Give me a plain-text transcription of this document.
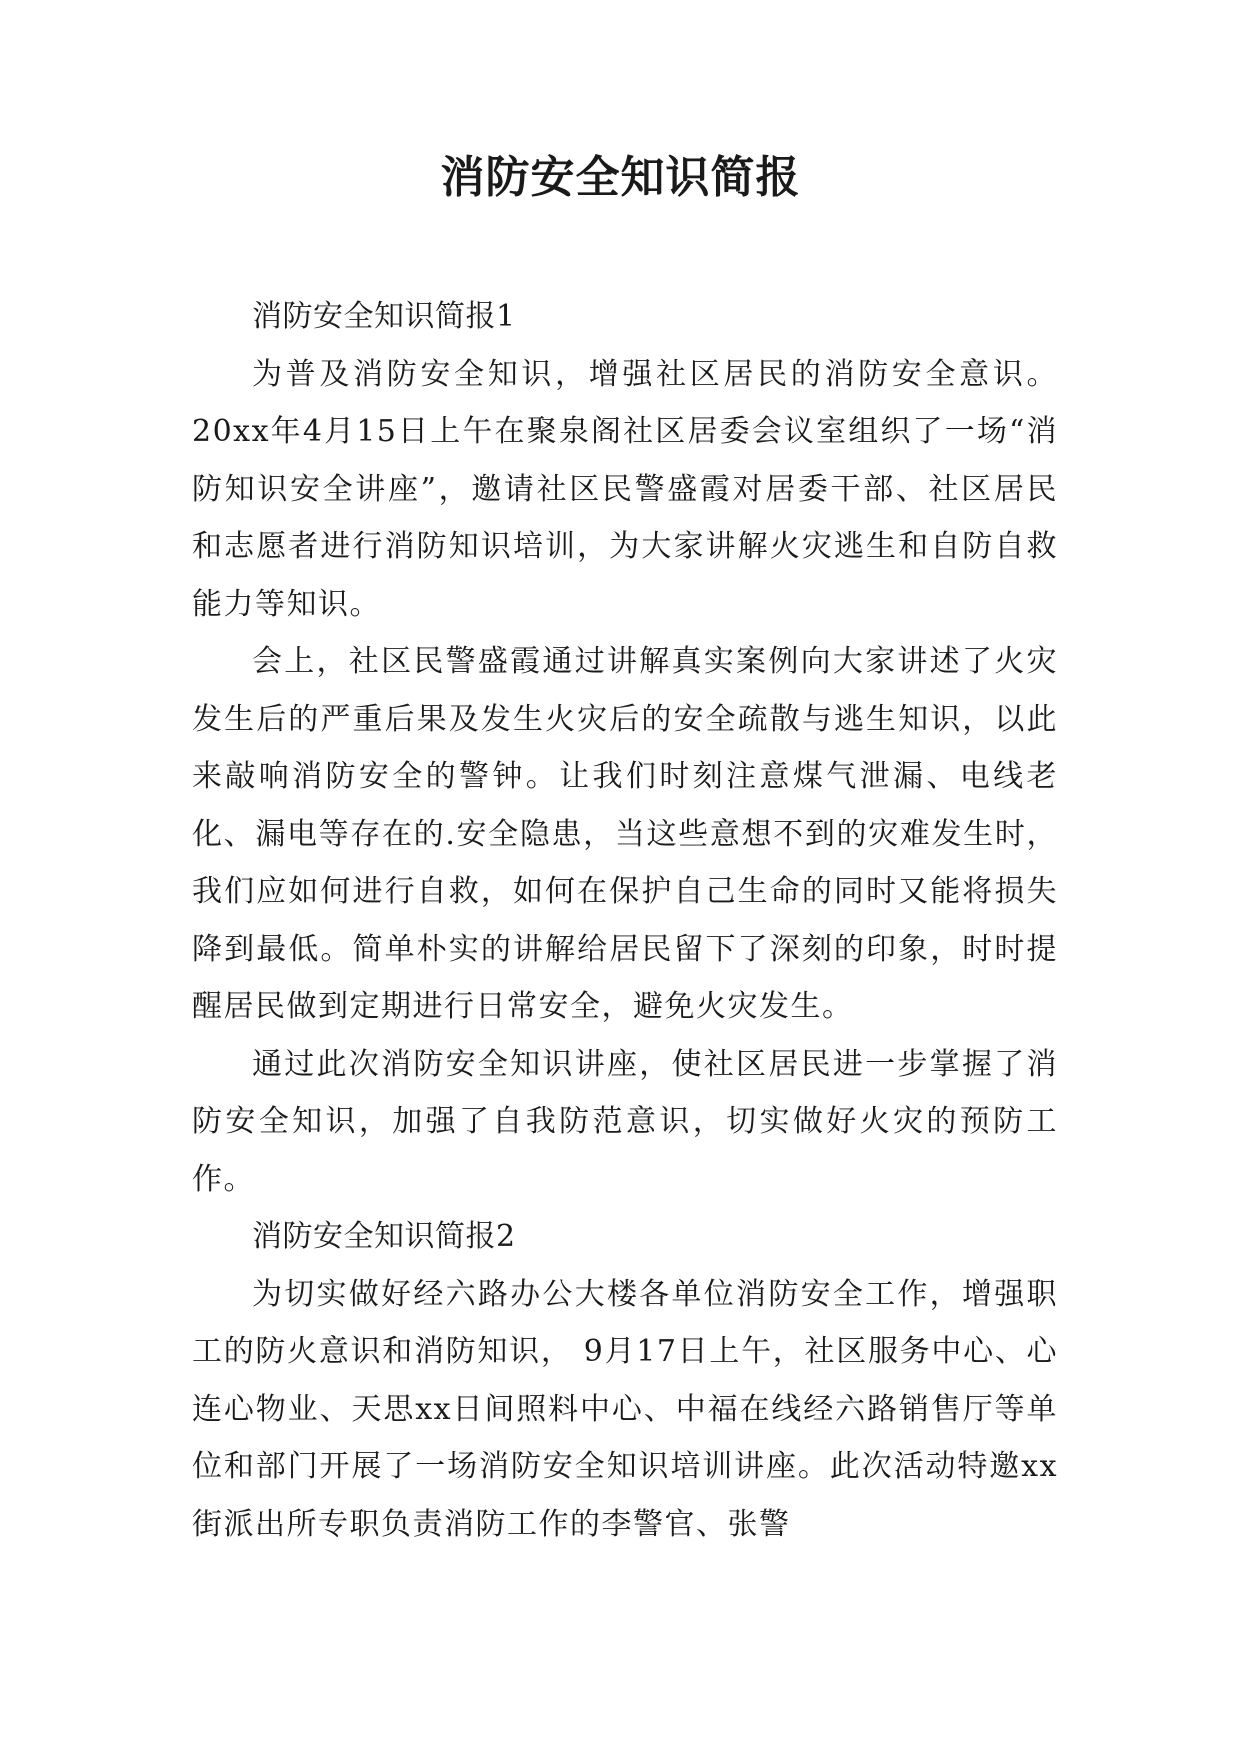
消防安全知识简报

消防安全知识简报1

为普及消防安全知识，增强社区居民的消防安全意识。20xx年4月15日上午在聚泉阁社区居委会议室组织了一场“消防知识安全讲座”，邀请社区民警盛霞对居委干部、社区居民和志愿者进行消防知识培训，为大家讲解火灾逃生和自防自救能力等知识。

会上，社区民警盛霞通过讲解真实案例向大家讲述了火灾发生后的严重后果及发生火灾后的安全疏散与逃生知识，以此来敲响消防安全的警钟。让我们时刻注意煤气泄漏、电线老化、漏电等存在的.安全隐患，当这些意想不到的灾难发生时，我们应如何进行自救，如何在保护自己生命的同时又能将损失降到最低。简单朴实的讲解给居民留下了深刻的印象，时时提醒居民做到定期进行日常安全，避免火灾发生。

通过此次消防安全知识讲座，使社区居民进一步掌握了消防安全知识，加强了自我防范意识，切实做好火灾的预防工作。

消防安全知识简报2

为切实做好经六路办公大楼各单位消防安全工作，增强职工的防火意识和消防知识， 9月17日上午，社区服务中心、心连心物业、天思xx日间照料中心、中福在线经六路销售厅等单位和部门开展了一场消防安全知识培训讲座。此次活动特邀xx街派出所专职负责消防工作的李警官、张警
